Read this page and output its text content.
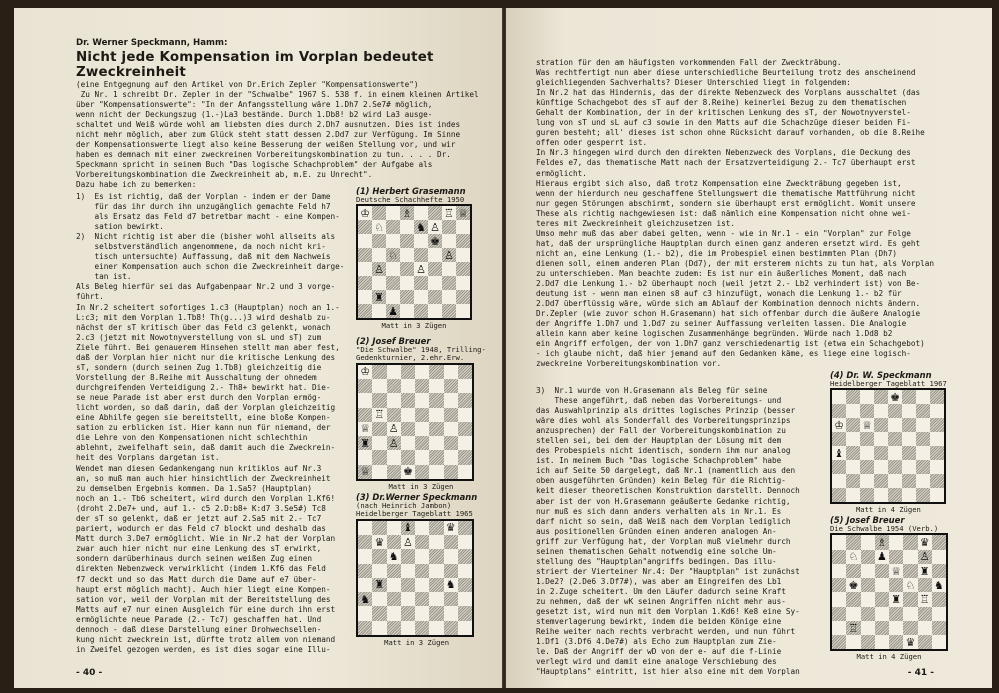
Dr. Werner Speckmann, Hamm:

Nicht jede Kompensation im Vorplan bedeutet Zweckreinheit

(eine Entgegnung auf den Artikel von Dr.Erich Zepler "Kompensationswerte")

Zu Nr. 1 schreibt Dr. Zepler in der "Schwalbe" 1967 S. 538 f. in einem kleinen Artikel

über "Kompensationswerte": "In der Anfangsstellung wäre 1.Dh7 2.Se7# möglich,

wenn nicht der Deckungszug (1.-)La3 bestände. Durch 1.Db8! b2 wird La3 ausge-

schaltet und Weiß würde wohl am liebsten dies durch 2.Dh7 ausnutzen. Dies ist indes

nicht mehr möglich, aber zum Glück steht statt dessen 2.Dd7 zur Verfügung. Im Sinne

der Kompensationswerte liegt also keine Besserung der weißen Stellung vor, und wir

haben es demnach mit einer zweckreinen Vorbereitungskombination zu tun. . . . Dr.

Speckmann spricht in seinem Buch "Das logische Schachproblem" der Aufgabe als

Vorbereitungskombination die Zweckreinheit ab, m.E. zu Unrecht".

Dazu habe ich zu bemerken:

1)  Es ist richtig, daß der Vorplan - indem er der Dame

für das ihr durch ihn unzugänglich gemachte Feld h7

als Ersatz das Feld d7 betretbar macht - eine Kompen-

sation bewirkt.

2)  Nicht richtig ist aber die (bisher wohl allseits als

selbstverständlich angenommene, da noch nicht kri-

tisch untersuchte) Auffassung, daß mit dem Nachweis

einer Kompensation auch schon die Zweckreinheit darge-

tan ist.

Als Beleg hierfür sei das Aufgabenpaar Nr.2 und 3 vorge-

führt.

In Nr.2 scheitert sofortiges 1.c3 (Hauptplan) noch an 1.-

L:c3; mit dem Vorplan 1.Tb8! Th(g...)3 wird deshalb zu-

nächst der sT kritisch über das Feld c3 gelenkt, wonach

2.c3 (jetzt mit Nowotnyverstellung von sL und sT) zum

Ziele führt. Bei genauerem Hinsehen stellt man aber fest,

daß der Vorplan hier nicht nur die kritische Lenkung des

sT, sondern (durch seinen Zug 1.Tb8) gleichzeitig die

Vorstellung der 8.Reihe mit Ausschaltung der ohnedem

durchgreifenden Verteidigung 2.- Th8+ bewirkt hat. Die-

se neue Parade ist aber erst durch den Vorplan ermög-

licht worden, so daß darin, daß der Vorplan gleichzeitig

eine Abhilfe gegen sie bereitstellt, eine bloße Kompen-

sation zu erblicken ist. Hier kann nun für niemand, der

die Lehre von den Kompensationen nicht schlechthin

ablehnt, zweifelhaft sein, daß damit auch die Zweckrein-

heit des Vorplans dargetan ist.

Wendet man diesen Gedankengang nun kritiklos auf Nr.3

an, so muß man auch hier hinsichtlich der Zweckreinheit

zu demselben Ergebnis kommen. Da 1.Sa5? (Hauptplan)

noch an 1.- Tb6 scheitert, wird durch den Vorplan 1.Kf6!

(droht 2.De7+ und, auf 1.- c5 2.D:b8+ K:d7 3.Se5#) Tc8

der sT so gelenkt, daß er jetzt auf 2.Sa5 mit 2.- Tc7

pariert, wodurch er das Feld c7 blockt und deshalb das

Matt durch 3.De7 ermöglicht. Wie in Nr.2 hat der Vorplan

zwar auch hier nicht nur eine Lenkung des sT erwirkt,

sondern darüberhinaus durch seinen weißen Zug einen

direkten Nebenzweck verwirklicht (indem 1.Kf6 das Feld

f7 deckt und so das Matt durch die Dame auf e7 über-

haupt erst möglich macht). Auch hier liegt eine Kompen-

sation vor, weil der Vorplan mit der Bereitstellung des

Matts auf e7 nur einen Ausgleich für eine durch ihn erst

ermöglichte neue Parade (2.- Tc7) geschaffen hat. Und

dennoch - daß diese Darstellung einer Drohwechsellen-

kung nicht zweckrein ist, dürfte trotz allem von niemand

in Zweifel gezogen werden, es ist dies sogar eine Illu-

- 40 -

stration für den am häufigsten vorkommenden Fall der Zweckträbung.

Was rechtfertigt nun aber diese unterschiedliche Beurteilung trotz des anscheinend

gleichliegenden Sachverhalts? Dieser Unterschied liegt in folgendem:

In Nr.2 hat das Hindernis, das der direkte Nebenzweck des Vorplans ausschaltet (das

künftige Schachgebot des sT auf der 8.Reihe) keinerlei Bezug zu dem thematischen

Gehalt der Kombination, der in der kritischen Lenkung des sT, der Nowotnyverstel-

lung von sT und sL auf c3 sowie in den Matts auf die Schachzüge dieser beiden Fi-

guren besteht; all' dieses ist schon ohne Rücksicht darauf vorhanden, ob die 8.Reihe

offen oder gesperrt ist.

In Nr.3 hingegen wird durch den direkten Nebenzweck des Vorplans, die Deckung des

Feldes e7, das thematische Matt nach der Ersatzverteidigung 2.- Tc7 überhaupt erst

ermöglicht.

Hieraus ergibt sich also, daß trotz Kompensation eine Zweckträbung gegeben ist,

wenn der hierdurch neu geschaffene Stellungswert die thematische Mattführung nicht

nur gegen Störungen abschirmt, sondern sie überhaupt erst ermöglicht. Womit unsere

These als richtig nachgewiesen ist: daß nämlich eine Kompensation nicht ohne wei-

teres mit Zweckreinheit gleichzusetzen ist.

Umso mehr muß das aber dabei gelten, wenn - wie in Nr.1 - ein "Vorplan" zur Folge

hat, daß der ursprüngliche Hauptplan durch einen ganz anderen ersetzt wird. Es geht

nicht an, eine Lenkung (1.- b2), die im Probespiel einen bestimmten Plan (Dh7)

dienen soll, einem anderen Plan (Dd7), der mit ersterem nichts zu tun hat, als Vorplan

zu unterschieben. Man beachte zudem: Es ist nur ein äußerliches Moment, daß nach

2.Dd7 die Lenkung 1.- b2 überhaupt noch (weil jetzt 2.- Lb2 verhindert ist) von Be-

deutung ist - wenn man einen s8 auf c3 hinzufügt, wonach die Lenkung 1.- b2 für

2.Dd7 überflüssig wäre, würde sich am Ablauf der Kombination dennoch nichts ändern.

Dr.Zepler (wie zuvor schon H.Grasemann) hat sich offenbar durch die äußere Analogie

der Angriffe 1.Dh7 und 1.Dd7 zu seiner Auffassung verleiten lassen. Die Analogie

allein kann aber keine logischen Zusammenhänge begründen. Würde nach 1.Dd8 b2

ein Angriff erfolgen, der von 1.Dh7 ganz verschiedenartig ist (etwa ein Schachgebot)

- ich glaube nicht, daß hier jemand auf den Gedanken käme, es liege eine logisch-

zweckreine Vorbereitungskombination vor.

3)  Nr.1 wurde von H.Grasemann als Beleg für seine

These angeführt, daß neben das Vorbereitungs- und

das Auswahlprinzip als drittes logisches Prinzip (besser

wäre dies wohl als Sonderfall des Vorbereitungsprinzips

anzusprechen) der Fall der Vorbereitungskombination zu

stellen sei, bei dem der Hauptplan der Lösung mit dem

des Probespiels nicht identisch, sondern ihm nur analog

ist. In meinem Buch "Das logische Schachproblem" habe

ich auf Seite 50 dargelegt, daß Nr.1 (namentlich aus den

oben ausgeführten Gründen) kein Beleg für die Richtig-

keit dieser theoretischen Konstruktion darstellt. Dennoch

aber ist der von H.Grasemann geäußerte Gedanke richtig,

nur muß es sich dann anders verhalten als in Nr.1. Es

darf nicht so sein, daß Weiß nach dem Vorplan lediglich

aus positionellen Gründen einen anderen analogen An-

griff zur Verfügung hat, der Vorplan muß vielmehr durch

seinen thematischen Gehalt notwendig eine solche Um-

stellung des "Hauptplan"angriffs bedingen. Das illu-

striert der Vierteiner Nr.4: Der "Hauptplan" ist zunächst

1.De2? (2.De6 3.Df7#), was aber am Eingreifen des Lb1

in 2.Zuge scheitert. Um den Läufer dadurch seine Kraft

zu nehmen, daß der wK seinen Angriffen nicht mehr aus-

gesetzt ist, wird nun mit dem Vorplan 1.Kd6! Ke8 eine Sy-

stemverlagerung bewirkt, indem die beiden Könige eine

Reihe weiter nach rechts verbracht werden, und nun führt

1.Df1 (3.Df6 4.De7#) als Echo zum Hauptplan zum Zie-

le. Daß der Angriff der wD von der e- auf die f-Linie

verlegt wird und damit eine analoge Verschiebung des

"Hauptplans" eintritt, ist hier also eine mit dem Vorplan	- 41 -

(1) Herbert Grasemann

Deutsche Schachhefte 1950

♔	♗	♖ ♕
♘	♞ ♙
♚
♘	♙
♙	♙
♜
♟

Matt in 3 Zügen

(2) Josef Breuer

"Die Schwalbe" 1948, Trilling-
Gedenkturnier, 2.ehr.Erw.

♔
♖
♕ ♙
♜ ♙
♕	♚

Matt in 3 Zügen

(3) Dr.Werner Speckmann

(nach Heinrich Jambon)
Heidelberger Tageblatt 1965

♝	♛
♛ ♙
♞
♜	♞
♞

Matt in 3 Zügen

(4) Dr. W. Speckmann

Heidelberger Tageblatt 1967

♚
♔ ♕
♝

Matt in 4 Zügen

(5) Josef Breuer

Die Schwalbe 1954 (Verb.)

♗	♛
♘ ♟	♙
♕ ♜
♚	♘ ♞
♜ ♖
♖
♛

Matt in 4 Zügen
